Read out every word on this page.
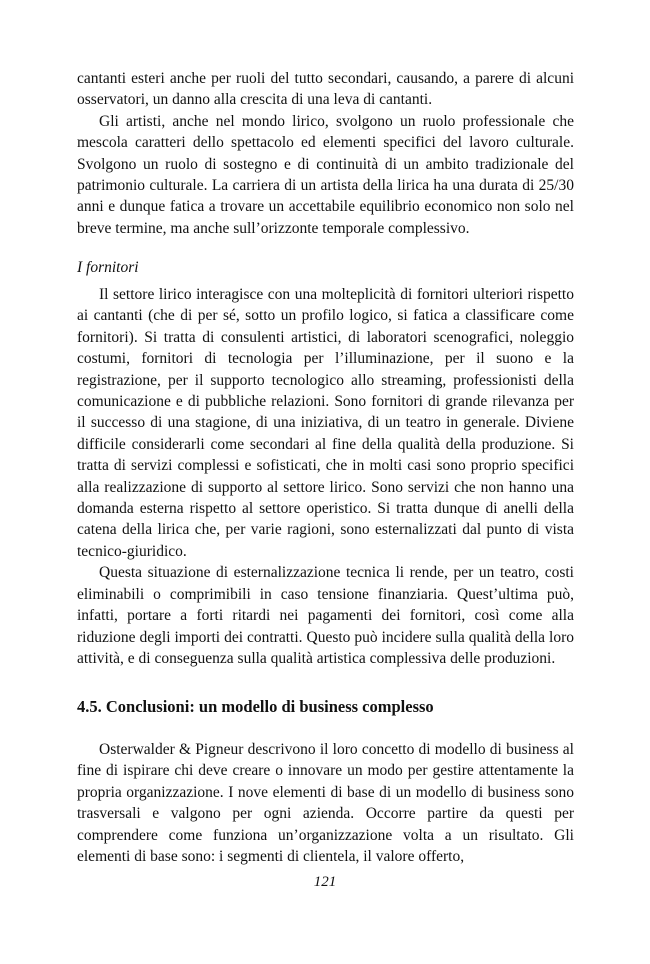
cantanti esteri anche per ruoli del tutto secondari, causando, a parere di alcuni osservatori, un danno alla crescita di una leva di cantanti.

Gli artisti, anche nel mondo lirico, svolgono un ruolo professionale che mescola caratteri dello spettacolo ed elementi specifici del lavoro culturale. Svolgono un ruolo di sostegno e di continuità di un ambito tradizionale del patrimonio culturale. La carriera di un artista della lirica ha una durata di 25/30 anni e dunque fatica a trovare un accettabile equilibrio economico non solo nel breve termine, ma anche sull’orizzonte temporale complessivo.

I fornitori

Il settore lirico interagisce con una molteplicità di fornitori ulteriori rispetto ai cantanti (che di per sé, sotto un profilo logico, si fatica a classificare come fornitori). Si tratta di consulenti artistici, di laboratori scenografici, noleggio costumi, fornitori di tecnologia per l’illuminazione, per il suono e la registrazione, per il supporto tecnologico allo streaming, professionisti della comunicazione e di pubbliche relazioni. Sono fornitori di grande rilevanza per il successo di una stagione, di una iniziativa, di un teatro in generale. Diviene difficile considerarli come secondari al fine della qualità della produzione. Si tratta di servizi complessi e sofisticati, che in molti casi sono proprio specifici alla realizzazione di supporto al settore lirico. Sono servizi che non hanno una domanda esterna rispetto al settore operistico. Si tratta dunque di anelli della catena della lirica che, per varie ragioni, sono esternalizzati dal punto di vista tecnico-giuridico.

Questa situazione di esternalizzazione tecnica li rende, per un teatro, costi eliminabili o comprimibili in caso tensione finanziaria. Quest’ultima può, infatti, portare a forti ritardi nei pagamenti dei fornitori, così come alla riduzione degli importi dei contratti. Questo può incidere sulla qualità della loro attività, e di conseguenza sulla qualità artistica complessiva delle produzioni.

4.5. Conclusioni: un modello di business complesso

Osterwalder & Pigneur descrivono il loro concetto di modello di business al fine di ispirare chi deve creare o innovare un modo per gestire attentamente la propria organizzazione. I nove elementi di base di un modello di business sono trasversali e valgono per ogni azienda. Occorre partire da questi per comprendere come funziona un’organizzazione volta a un risultato. Gli elementi di base sono: i segmenti di clientela, il valore offerto,

121
